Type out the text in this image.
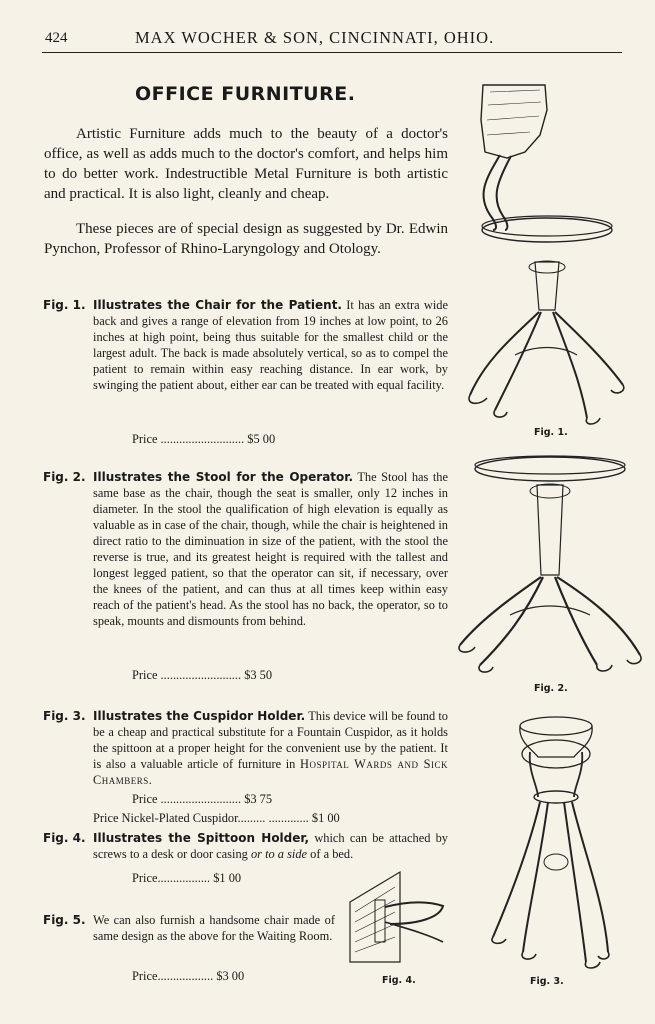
424	MAX WOCHER & SON, CINCINNATI, OHIO.
OFFICE FURNITURE.

Artistic Furniture adds much to the beauty of a doctor's office, as well as adds much to the doctor's comfort, and helps him to do better work. Indestructible Metal Furniture is both artistic and practical. It is also light, cleanly and cheap.

These pieces are of special design as suggested by Dr. Edwin Pynchon, Professor of Rhino-Laryngology and Otology.

Fig. 1. Illustrates the Chair for the Patient. It has an extra wide back and gives a range of elevation from 19 inches at low point, to 26 inches at high point, being thus suitable for the smallest child or the largest adult. The back is made absolutely vertical, so as to compel the patient to remain within easy reaching distance. In ear work, by swinging the patient about, either ear can be treated with equal facility.

Price ........................... $5 00
Fig. 2. Illustrates the Stool for the Operator. The Stool has the same base as the chair, though the seat is smaller, only 12 inches in diameter. In the stool the qualification of high elevation is equally as valuable as in case of the chair, though, while the chair is heightened in direct ratio to the diminuation in size of the patient, with the stool the reverse is true, and its greatest height is required with the tallest and longest legged patient, so that the operator can sit, if necessary, over the knees of the patient, and can thus at all times keep within easy reach of the patient's head. As the stool has no back, the operator, so to speak, mounts and dismounts from behind.

Price .......................... $3 50
Fig. 3. Illustrates the Cuspidor Holder. This device will be found to be a cheap and practical substitute for a Fountain Cuspidor, as it holds the spittoon at a proper height for the convenient use by the patient. It is also a valuable article of furniture in Hospital Wards and Sick Chambers.

Price .......................... $3 75
Price Nickel-Plated Cuspidor......... ............. $1 00
Fig. 4. Illustrates the Spittoon Holder, which can be attached by screws to a desk or door casing or to a side of a bed.

Price................. $1 00
Fig. 5. We can also furnish a handsome chair made of same design as the above for the Waiting Room.

Price.................. $3 00
Fig. 1.
Fig. 2.
Fig. 3.
Fig. 4.
